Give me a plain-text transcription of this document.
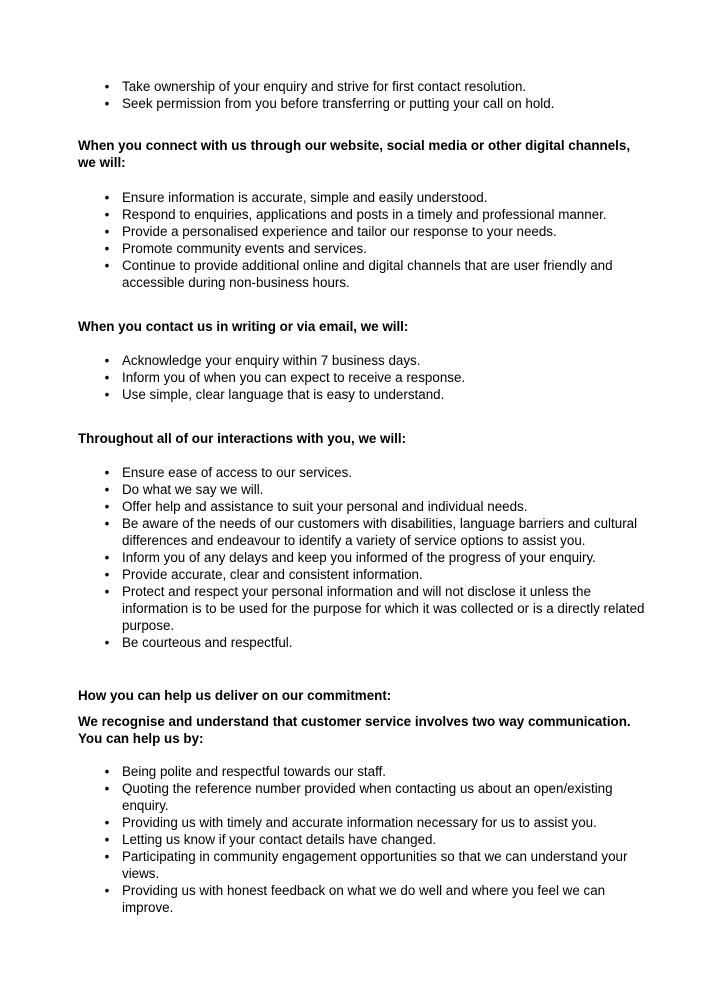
• Take ownership of your enquiry and strive for first contact resolution.
• Seek permission from you before transferring or putting your call on hold.

When you connect with us through our website, social media or other digital channels, we will:

• Ensure information is accurate, simple and easily understood.
• Respond to enquiries, applications and posts in a timely and professional manner.
• Provide a personalised experience and tailor our response to your needs.
• Promote community events and services.
• Continue to provide additional online and digital channels that are user friendly and accessible during non-business hours.

When you contact us in writing or via email, we will:

• Acknowledge your enquiry within 7 business days.
• Inform you of when you can expect to receive a response.
• Use simple, clear language that is easy to understand.

Throughout all of our interactions with you, we will:

• Ensure ease of access to our services.
• Do what we say we will.
• Offer help and assistance to suit your personal and individual needs.
• Be aware of the needs of our customers with disabilities, language barriers and cultural differences and endeavour to identify a variety of service options to assist you.
• Inform you of any delays and keep you informed of the progress of your enquiry.
• Provide accurate, clear and consistent information.
• Protect and respect your personal information and will not disclose it unless the information is to be used for the purpose for which it was collected or is a directly related purpose.
• Be courteous and respectful.

How you can help us deliver on our commitment:

We recognise and understand that customer service involves two way communication. You can help us by:

• Being polite and respectful towards our staff.
• Quoting the reference number provided when contacting us about an open/existing enquiry.
• Providing us with timely and accurate information necessary for us to assist you.
• Letting us know if your contact details have changed.
• Participating in community engagement opportunities so that we can understand your views.
• Providing us with honest feedback on what we do well and where you feel we can improve.
